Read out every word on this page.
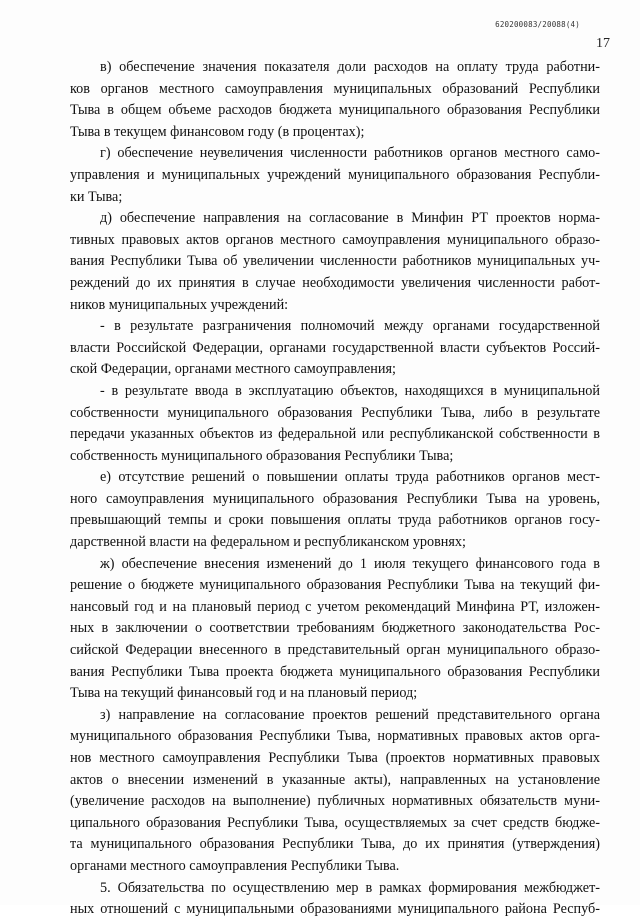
620200083/20088(4)
17
в) обеспечение значения показателя доли расходов на оплату труда работни-
ков органов местного самоуправления муниципальных образований Республики
Тыва в общем объеме расходов бюджета муниципального образования Республики
Тыва в текущем финансовом году (в процентах);
г) обеспечение неувеличения численности работников органов местного само-
управления и муниципальных учреждений муниципального образования Республи-
ки Тыва;
д) обеспечение направления на согласование в Минфин РТ проектов норма-
тивных правовых актов органов местного самоуправления муниципального образо-
вания Республики Тыва об увеличении численности работников муниципальных уч-
реждений до их принятия в случае необходимости увеличения численности работ-
ников муниципальных учреждений:
- в результате разграничения полномочий между органами государственной
власти Российской Федерации, органами государственной власти субъектов Россий-
ской Федерации, органами местного самоуправления;
- в результате ввода в эксплуатацию объектов, находящихся в муниципальной
собственности муниципального образования Республики Тыва, либо в результате
передачи указанных объектов из федеральной или республиканской собственности в
собственность муниципального образования Республики Тыва;
е) отсутствие решений о повышении оплаты труда работников органов мест-
ного самоуправления муниципального образования Республики Тыва на уровень,
превышающий темпы и сроки повышения оплаты труда работников органов госу-
дарственной власти на федеральном и республиканском уровнях;
ж) обеспечение внесения изменений до 1 июля текущего финансового года в
решение о бюджете муниципального образования Республики Тыва на текущий фи-
нансовый год и на плановый период с учетом рекомендаций Минфина РТ, изложен-
ных в заключении о соответствии требованиям бюджетного законодательства Рос-
сийской Федерации внесенного в представительный орган муниципального образо-
вания Республики Тыва проекта бюджета муниципального образования Республики
Тыва на текущий финансовый год и на плановый период;
з) направление на согласование проектов решений представительного органа
муниципального образования Республики Тыва, нормативных правовых актов орга-
нов местного самоуправления Республики Тыва (проектов нормативных правовых
актов о внесении изменений в указанные акты), направленных на установление
(увеличение расходов на выполнение) публичных нормативных обязательств муни-
ципального образования Республики Тыва, осуществляемых за счет средств бюдже-
та муниципального образования Республики Тыва, до их принятия (утверждения)
органами местного самоуправления Республики Тыва.
5. Обязательства по осуществлению мер в рамках формирования межбюджет-
ных отношений с муниципальными образованиями муниципального района Респуб-
